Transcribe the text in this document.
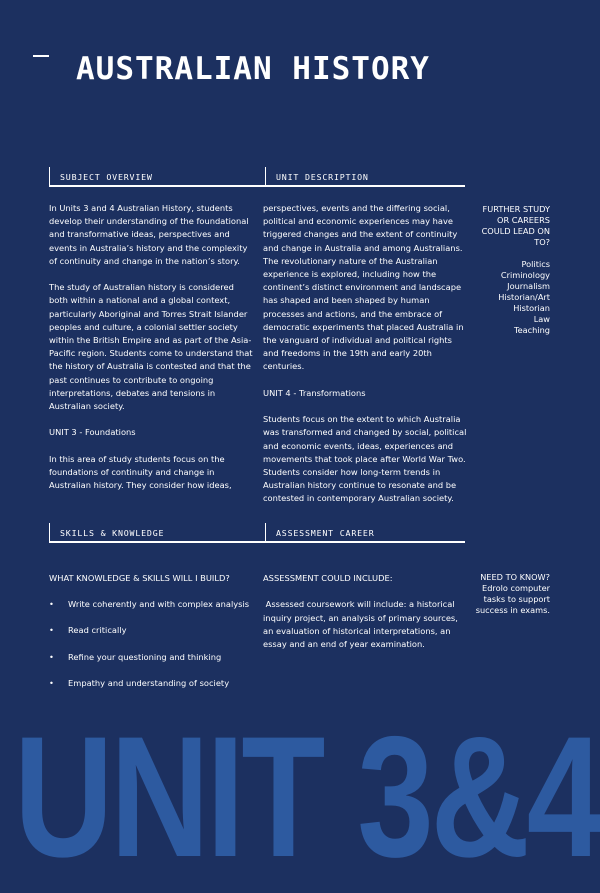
AUSTRALIAN HISTORY
SUBJECT OVERVIEW	UNIT DESCRIPTION

In Units 3 and 4 Australian History, students develop their understanding of the foundational and transformative ideas, perspectives and events in Australia’s history and the complexity of continuity and change in the nation’s story.

The study of Australian history is considered both within a national and a global context, particularly Aboriginal and Torres Strait Islander peoples and culture, a colonial settler society within the British Empire and as part of the Asia-Pacific region. Students come to understand that the history of Australia is contested and that the past continues to contribute to ongoing interpretations, debates and tensions in Australian society.

UNIT 3 - Foundations

In this area of study students focus on the foundations of continuity and change in Australian history. They consider how ideas,

perspectives, events and the differing social, political and economic experiences may have triggered changes and the extent of continuity and change in Australia and among Australians. The revolutionary nature of the Australian experience is explored, including how the continent’s distinct environment and landscape has shaped and been shaped by human processes and actions, and the embrace of democratic experiments that placed Australia in the vanguard of individual and political rights and freedoms in the 19th and early 20th centuries.

UNIT 4 - Transformations

Students focus on the extent to which Australia was transformed and changed by social, political and economic events, ideas, experiences and movements that took place after World War Two. Students consider how long-term trends in Australian history continue to resonate and be contested in contemporary Australian society.

FURTHER STUDY OR CAREERS COULD LEAD ON TO?

Politics

Criminology

Journalism

Historian/Art Historian

Law

Teaching

SKILLS & KNOWLEDGE	ASSESSMENT CAREER
WHAT KNOWLEDGE & SKILLS WILL I BUILD?
• Write coherently and with complex analysis
• Read critically
• Refine your questioning and thinking
• Empathy and understanding of society

ASSESSMENT COULD INCLUDE:

Assessed coursework will include: a historical inquiry project, an analysis of primary sources, an evaluation of historical interpretations, an essay and an end of year examination.

NEED TO KNOW?

Edrolo computer tasks to support success in exams.

UNIT 3&4
